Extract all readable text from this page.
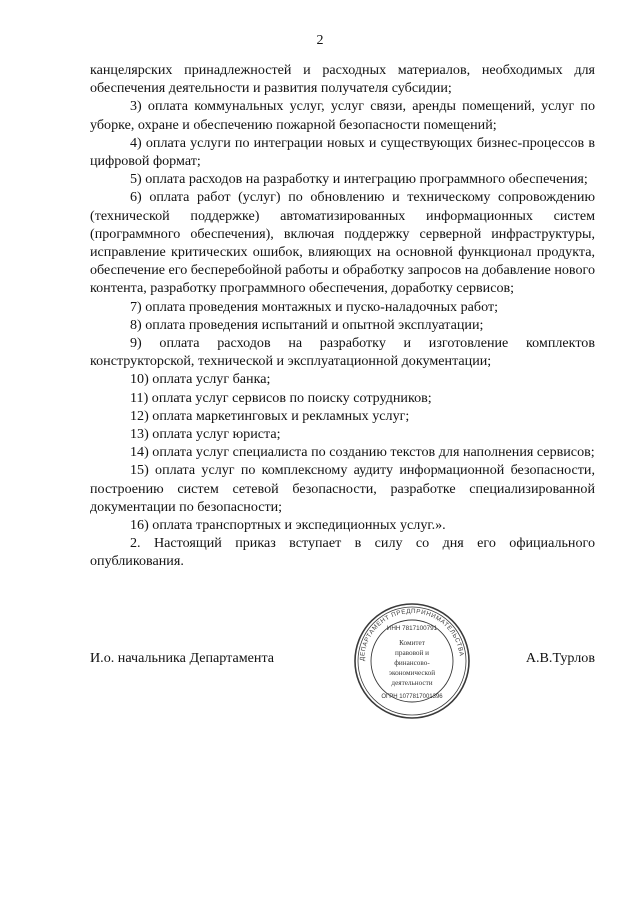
2

канцелярских принадлежностей и расходных материалов, необходимых для обеспечения деятельности и развития получателя субсидии;

3) оплата коммунальных услуг, услуг связи, аренды помещений, услуг по уборке, охране и обеспечению пожарной безопасности помещений;

4) оплата услуги по интеграции новых и существующих бизнес-процессов в цифровой формат;

5) оплата расходов на разработку и интеграцию программного обеспечения;

6) оплата работ (услуг) по обновлению и техническому сопровождению (технической поддержке) автоматизированных информационных систем (программного обеспечения), включая поддержку серверной инфраструктуры, исправление критических ошибок, влияющих на основной функционал продукта, обеспечение его бесперебойной работы и обработку запросов на добавление нового контента, разработку программного обеспечения, доработку сервисов;

7) оплата проведения монтажных и пуско-наладочных работ;

8) оплата проведения испытаний и опытной эксплуатации;

9) оплата расходов на разработку и изготовление комплектов конструкторской, технической и эксплуатационной документации;

10) оплата услуг банка;

11) оплата услуг сервисов по поиску сотрудников;

12) оплата маркетинговых и рекламных услуг;

13) оплата услуг юриста;

14) оплата услуг специалиста по созданию текстов для наполнения сервисов;

15) оплата услуг по комплексному аудиту информационной безопасности, построению систем сетевой безопасности, разработке специализированной документации по безопасности;

16) оплата транспортных и экспедиционных услуг.».

2. Настоящий приказ вступает в силу со дня его официального опубликования.

И.о. начальника Департамента	А.В.Турлов
ДЕПАРТАМЕНТ ПРЕДПРИНИМАТЕЛЬСТВА
ИНН 7817100791
Комитет
правовой и
финансово-
экономической
деятельности
ОГРН 1077817001396
